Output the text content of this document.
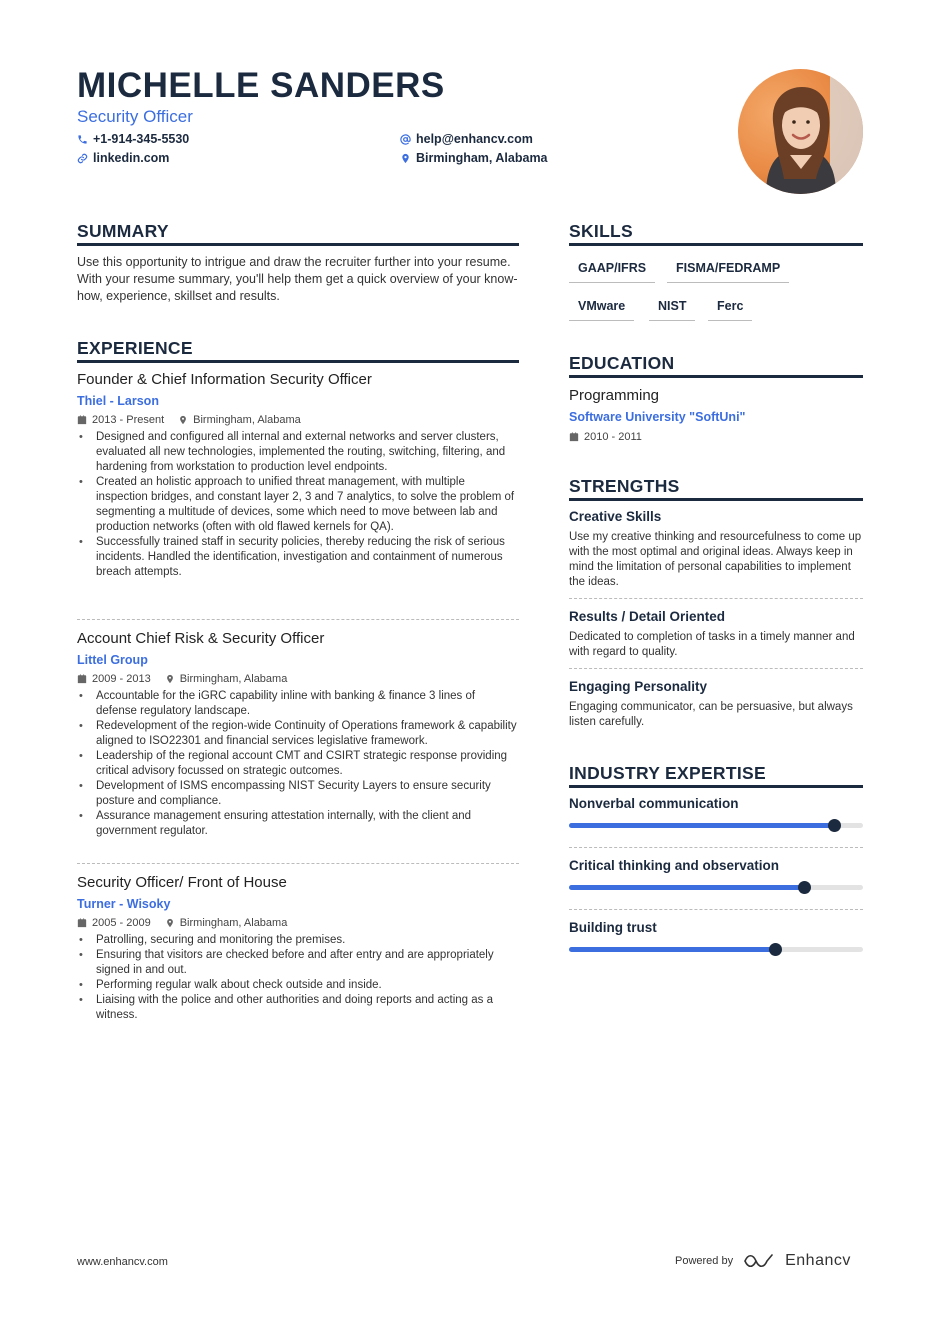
MICHELLE SANDERS
Security Officer
+1-914-345-5530
linkedin.com
help@enhancv.com
Birmingham, Alabama
SUMMARY
Use this opportunity to intrigue and draw the recruiter further into your resume. With your resume summary, you'll help them get a quick overview of your know-how, experience, skillset and results.
EXPERIENCE
Founder & Chief Information Security Officer
Thiel - Larson
2013 - Present	Birmingham, Alabama
• Designed and configured all internal and external networks and server clusters, evaluated all new technologies, implemented the routing, switching, filtering, and hardening from workstation to production level endpoints.
• Created an holistic approach to unified threat management, with multiple inspection bridges, and constant layer 2, 3 and 7 analytics, to solve the problem of segmenting a multitude of devices, some which need to move between lab and production networks (often with old flawed kernels for QA).
• Successfully trained staff in security policies, thereby reducing the risk of serious incidents. Handled the identification, investigation and containment of numerous breach attempts.
Account Chief Risk & Security Officer
Littel Group
2009 - 2013	Birmingham, Alabama
• Accountable for the iGRC capability inline with banking & finance 3 lines of defense regulatory landscape.
• Redevelopment of the region-wide Continuity of Operations framework & capability aligned to ISO22301 and financial services legislative framework.
• Leadership of the regional account CMT and CSIRT strategic response providing critical advisory focussed on strategic outcomes.
• Development of ISMS encompassing NIST Security Layers to ensure security posture and compliance.
• Assurance management ensuring attestation internally, with the client and government regulator.
Security Officer/ Front of House
Turner - Wisoky
2005 - 2009	Birmingham, Alabama
• Patrolling, securing and monitoring the premises.
• Ensuring that visitors are checked before and after entry and are appropriately signed in and out.
• Performing regular walk about check outside and inside.
• Liaising with the police and other authorities and doing reports and acting as a witness.
SKILLS
GAAP/IFRS	FISMA/FEDRAMP
VMware	NIST	Ferc
EDUCATION
Programming
Software University "SoftUni"
2010 - 2011
STRENGTHS
Creative Skills
Use my creative thinking and resourcefulness to come up with the most optimal and original ideas. Always keep in mind the limitation of personal capabilities to implement the ideas.
Results / Detail Oriented
Dedicated to completion of tasks in a timely manner and with regard to quality.
Engaging Personality
Engaging communicator, can be persuasive, but always listen carefully.
INDUSTRY EXPERTISE
Nonverbal communication
Critical thinking and observation
Building trust
www.enhancv.com	Powered by	Enhancv
